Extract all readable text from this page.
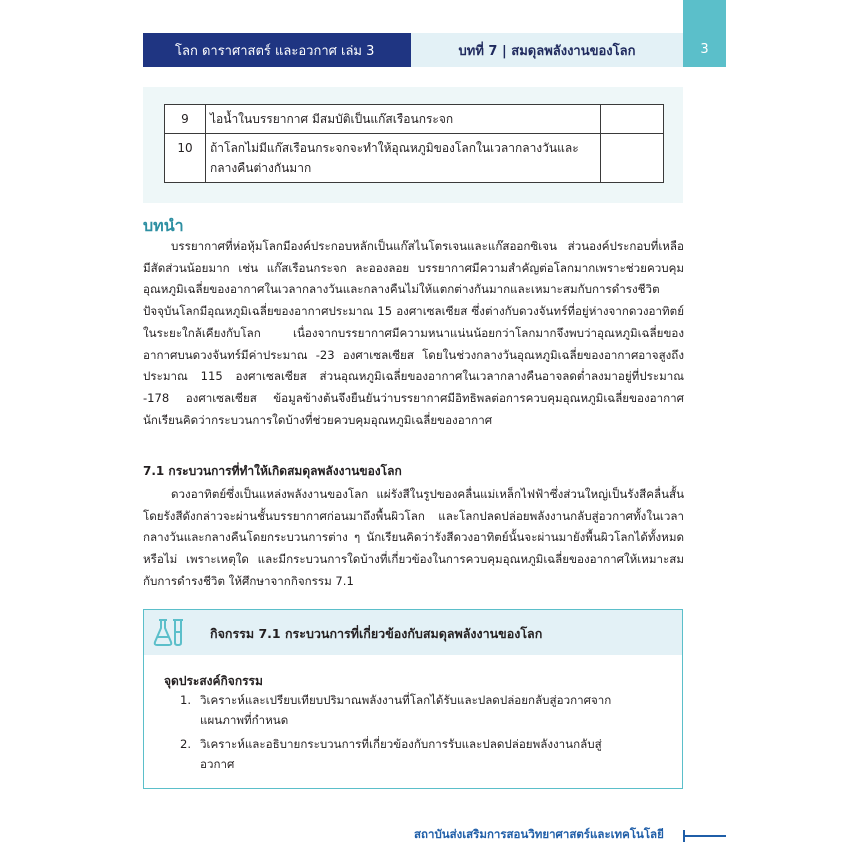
3
โลก ดาราศาสตร์ และอวกาศ เล่ม 3	บทที่ 7 | สมดุลพลังงานของโลก
9	ไอน้ำในบรรยากาศ มีสมบัติเป็นแก๊สเรือนกระจก	
10	ถ้าโลกไม่มีแก๊สเรือนกระจกจะทำให้อุณหภูมิของโลกในเวลากลางวันและกลางคืนต่างกันมาก	
บทนำ

บรรยากาศที่ห่อหุ้มโลกมีองค์ประกอบหลักเป็นแก๊สไนโตรเจนและแก๊สออกซิเจน ส่วนองค์ประกอบที่เหลือมีสัดส่วนน้อยมาก เช่น แก๊สเรือนกระจก ละอองลอย บรรยากาศมีความสำคัญต่อโลกมากเพราะช่วยควบคุมอุณหภูมิเฉลี่ยของอากาศในเวลากลางวันและกลางคืนไม่ให้แตกต่างกันมากและเหมาะสมกับการดำรงชีวิต ปัจจุบันโลกมีอุณหภูมิเฉลี่ยของอากาศประมาณ 15 องศาเซลเซียส ซึ่งต่างกับดวงจันทร์ที่อยู่ห่างจากดวงอาทิตย์ในระยะใกล้เคียงกับโลก เนื่องจากบรรยากาศมีความหนาแน่นน้อยกว่าโลกมากจึงพบว่าอุณหภูมิเฉลี่ยของอากาศบนดวงจันทร์มีค่าประมาณ -23 องศาเซลเซียส โดยในช่วงกลางวันอุณหภูมิเฉลี่ยของอากาศอาจสูงถึงประมาณ 115 องศาเซลเซียส ส่วนอุณหภูมิเฉลี่ยของอากาศในเวลากลางคืนอาจลดต่ำลงมาอยู่ที่ประมาณ -178 องศาเซลเซียส ข้อมูลข้างต้นจึงยืนยันว่าบรรยากาศมีอิทธิพลต่อการควบคุมอุณหภูมิเฉลี่ยของอากาศ นักเรียนคิดว่ากระบวนการใดบ้างที่ช่วยควบคุมอุณหภูมิเฉลี่ยของอากาศ

7.1 กระบวนการที่ทำให้เกิดสมดุลพลังงานของโลก

ดวงอาทิตย์ซึ่งเป็นแหล่งพลังงานของโลก แผ่รังสีในรูปของคลื่นแม่เหล็กไฟฟ้าซึ่งส่วนใหญ่เป็นรังสีคลื่นสั้น โดยรังสีดังกล่าวจะผ่านชั้นบรรยากาศก่อนมาถึงพื้นผิวโลก และโลกปลดปล่อยพลังงานกลับสู่อวกาศทั้งในเวลากลางวันและกลางคืนโดยกระบวนการต่าง ๆ นักเรียนคิดว่ารังสีดวงอาทิตย์นั้นจะผ่านมายังพื้นผิวโลกได้ทั้งหมดหรือไม่ เพราะเหตุใด และมีกระบวนการใดบ้างที่เกี่ยวข้องในการควบคุมอุณหภูมิเฉลี่ยของอากาศให้เหมาะสมกับการดำรงชีวิต ให้ศึกษาจากกิจกรรม 7.1

กิจกรรม 7.1 กระบวนการที่เกี่ยวข้องกับสมดุลพลังงานของโลก
จุดประสงค์กิจกรรม
1. วิเคราะห์และเปรียบเทียบปริมาณพลังงานที่โลกได้รับและปลดปล่อยกลับสู่อวกาศจากแผนภาพที่กำหนด
2. วิเคราะห์และอธิบายกระบวนการที่เกี่ยวข้องกับการรับและปลดปล่อยพลังงานกลับสู่อวกาศ
สถาบันส่งเสริมการสอนวิทยาศาสตร์และเทคโนโลยี
